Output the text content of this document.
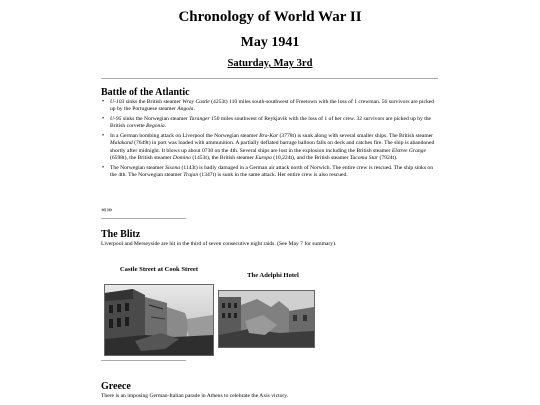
Chronology of World War II
May 1941
Saturday, May 3rd
Battle of the Atlantic
• U-103 sinks the British steamer Wray Castle (4253t) 110 miles south-southwest of Freetown with the loss of 1 crewman. 56 survivors are picked up by the Portuguese steamer Angola.
• U-95 sinks the Norwegian steamer Taranger 150 miles southwest of Reykjavik with the loss of 1 of her crew. 32 survivors are picked up by the British corvette Begonia.
• In a German bombing attack on Liverpool the Norwegian steamer Bra-Kar (3778t) is sunk along with several smaller ships. The British steamer Malakand (7649t) in port was loaded with ammunition. A partially deflated barrage balloon falls on deck and catches fire. The ship is abandoned shortly after midnight. It blows up about 0730 on the 4th. Several ships are lost in the explosion including the British steamer Elstree Grange (6598t), the British steamer Domino (1453t), the British steamer Europa (10,224t), and the British steamer Tacoma Star (7924t).
• The Norwegian steamer Sisona (1143t) is badly damaged in a German air attack north of Norwich. The entire crew is rescued. The ship sinks on the 4th. The Norwegian steamer Trajan (1347t) is sunk in the same attack. Her entire crew is also rescued.
«‹ ›»
The Blitz
Liverpool and Merseyside are hit in the third of seven consecutive night raids. (See May 7 for summary).
Castle Street at Cook Street
The Adelphi Hotel
Greece
There is an imposing German-Italian parade in Athens to celebrate the Axis victory.
